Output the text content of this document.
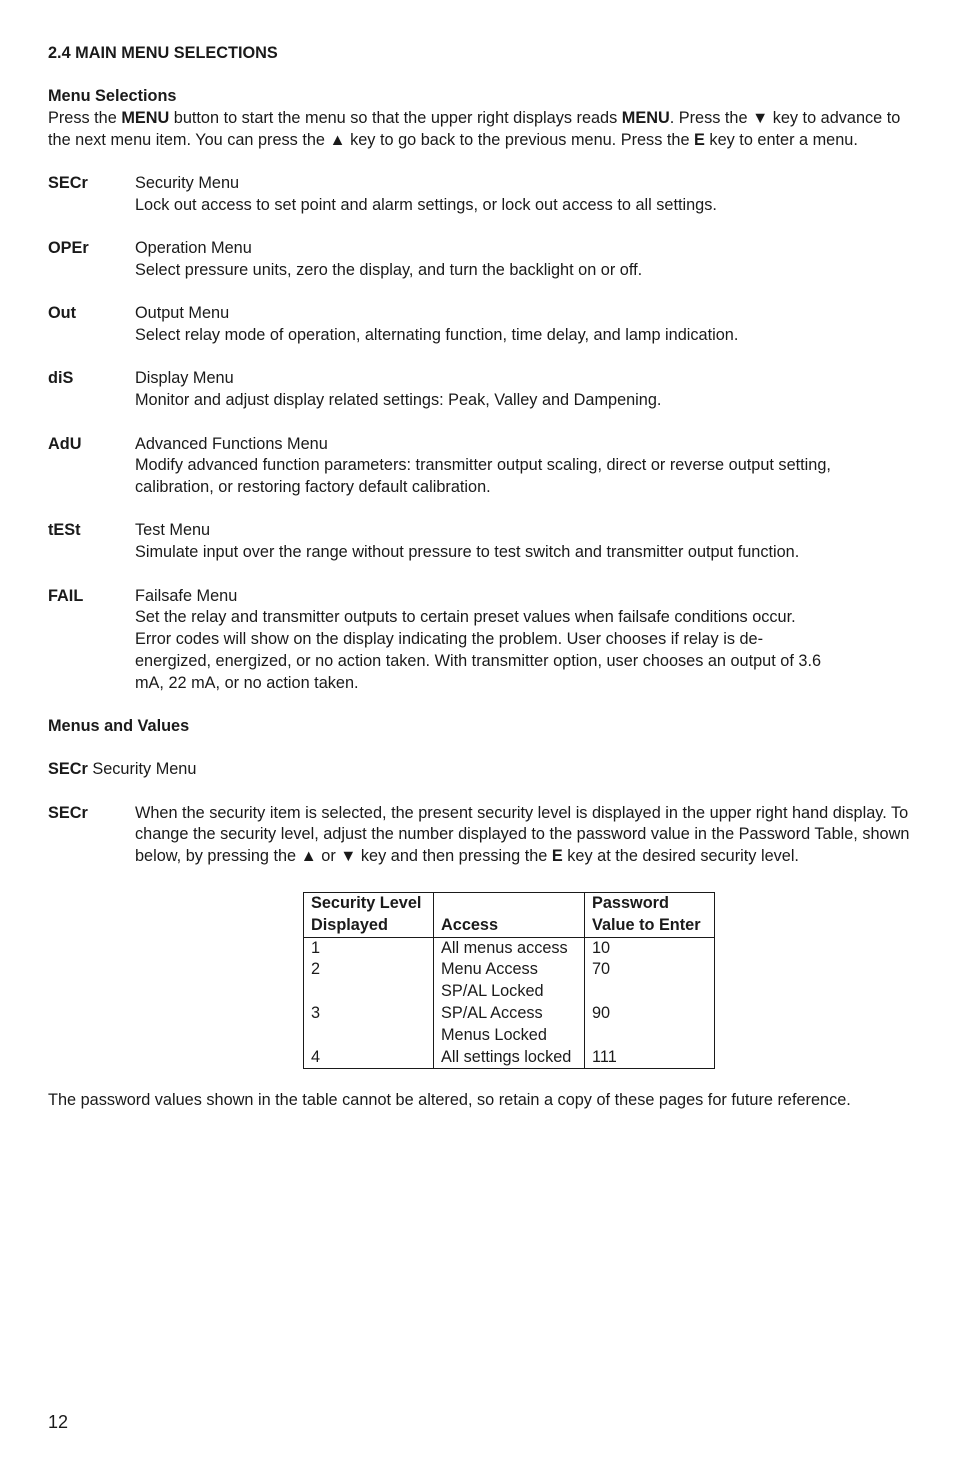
2.4 MAIN MENU SELECTIONS

Menu Selections

Press the MENU button to start the menu so that the upper right displays reads MENU. Press the ▼ key to advance to the next menu item. You can press the ▲ key to go back to the previous menu. Press the E key to enter a menu.

SECr	Security Menu
Lock out access to set point and alarm settings, or lock out access to all settings.
OPEr	Operation Menu
Select pressure units, zero the display, and turn the backlight on or off.
Out	Output Menu
Select relay mode of operation, alternating function, time delay, and lamp indication.
diS	Display Menu
Monitor and adjust display related settings: Peak, Valley and Dampening.
AdU	Advanced Functions Menu
Modify advanced function parameters: transmitter output scaling, direct or reverse output setting, calibration, or restoring factory default calibration.
tESt	Test Menu
Simulate input over the range without pressure to test switch and transmitter output function.
FAIL	Failsafe Menu
Set the relay and transmitter outputs to certain preset values when failsafe conditions occur. Error codes will show on the display indicating the problem. User chooses if relay is de-energized, energized, or no action taken. With transmitter option, user chooses an output of 3.6 mA, 22 mA, or no action taken.

Menus and Values

SECr Security Menu

SECr	When the security item is selected, the present security level is displayed in the upper right hand display. To change the security level, adjust the number displayed to the password value in the Password Table, shown below, by pressing the ▲ or ▼ key and then pressing the E key at the desired security level.
Security Level Displayed	Access	Password Value to Enter
1	All menus access	10
2	Menu Access	70
	SP/AL Locked	
3	SP/AL Access	90
	Menus Locked	
4	All settings locked	111

The password values shown in the table cannot be altered, so retain a copy of these pages for future reference.

12
